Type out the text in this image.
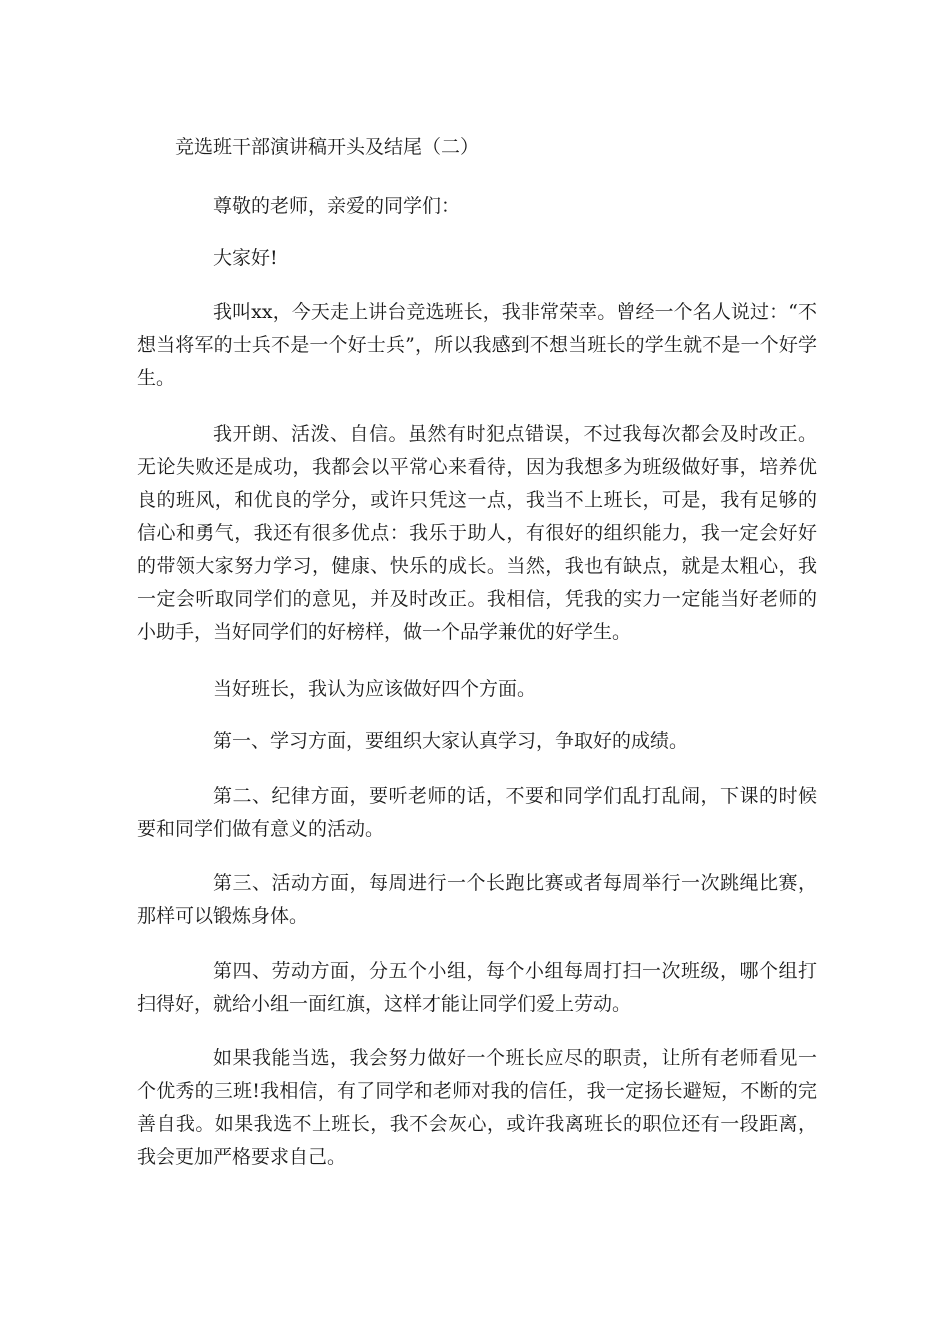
竞选班干部演讲稿开头及结尾（二）

尊敬的老师，亲爱的同学们：

大家好!

我叫xx，今天走上讲台竞选班长，我非常荣幸。曾经一个名人说过：“不想当将军的士兵不是一个好士兵”，所以我感到不想当班长的学生就不是一个好学生。

我开朗、活泼、自信。虽然有时犯点错误，不过我每次都会及时改正。无论失败还是成功，我都会以平常心来看待，因为我想多为班级做好事，培养优良的班风，和优良的学分，或许只凭这一点，我当不上班长，可是，我有足够的信心和勇气，我还有很多优点：我乐于助人，有很好的组织能力，我一定会好好的带领大家努力学习，健康、快乐的成长。当然，我也有缺点，就是太粗心，我一定会听取同学们的意见，并及时改正。我相信，凭我的实力一定能当好老师的小助手，当好同学们的好榜样，做一个品学兼优的好学生。

当好班长，我认为应该做好四个方面。

第一、学习方面，要组织大家认真学习，争取好的成绩。

第二、纪律方面，要听老师的话，不要和同学们乱打乱闹，下课的时候要和同学们做有意义的活动。

第三、活动方面，每周进行一个长跑比赛或者每周举行一次跳绳比赛，那样可以锻炼身体。

第四、劳动方面，分五个小组，每个小组每周打扫一次班级，哪个组打扫得好，就给小组一面红旗，这样才能让同学们爱上劳动。

如果我能当选，我会努力做好一个班长应尽的职责，让所有老师看见一个优秀的三班!我相信，有了同学和老师对我的信任，我一定扬长避短，不断的完善自我。如果我选不上班长，我不会灰心，或许我离班长的职位还有一段距离，我会更加严格要求自己。
